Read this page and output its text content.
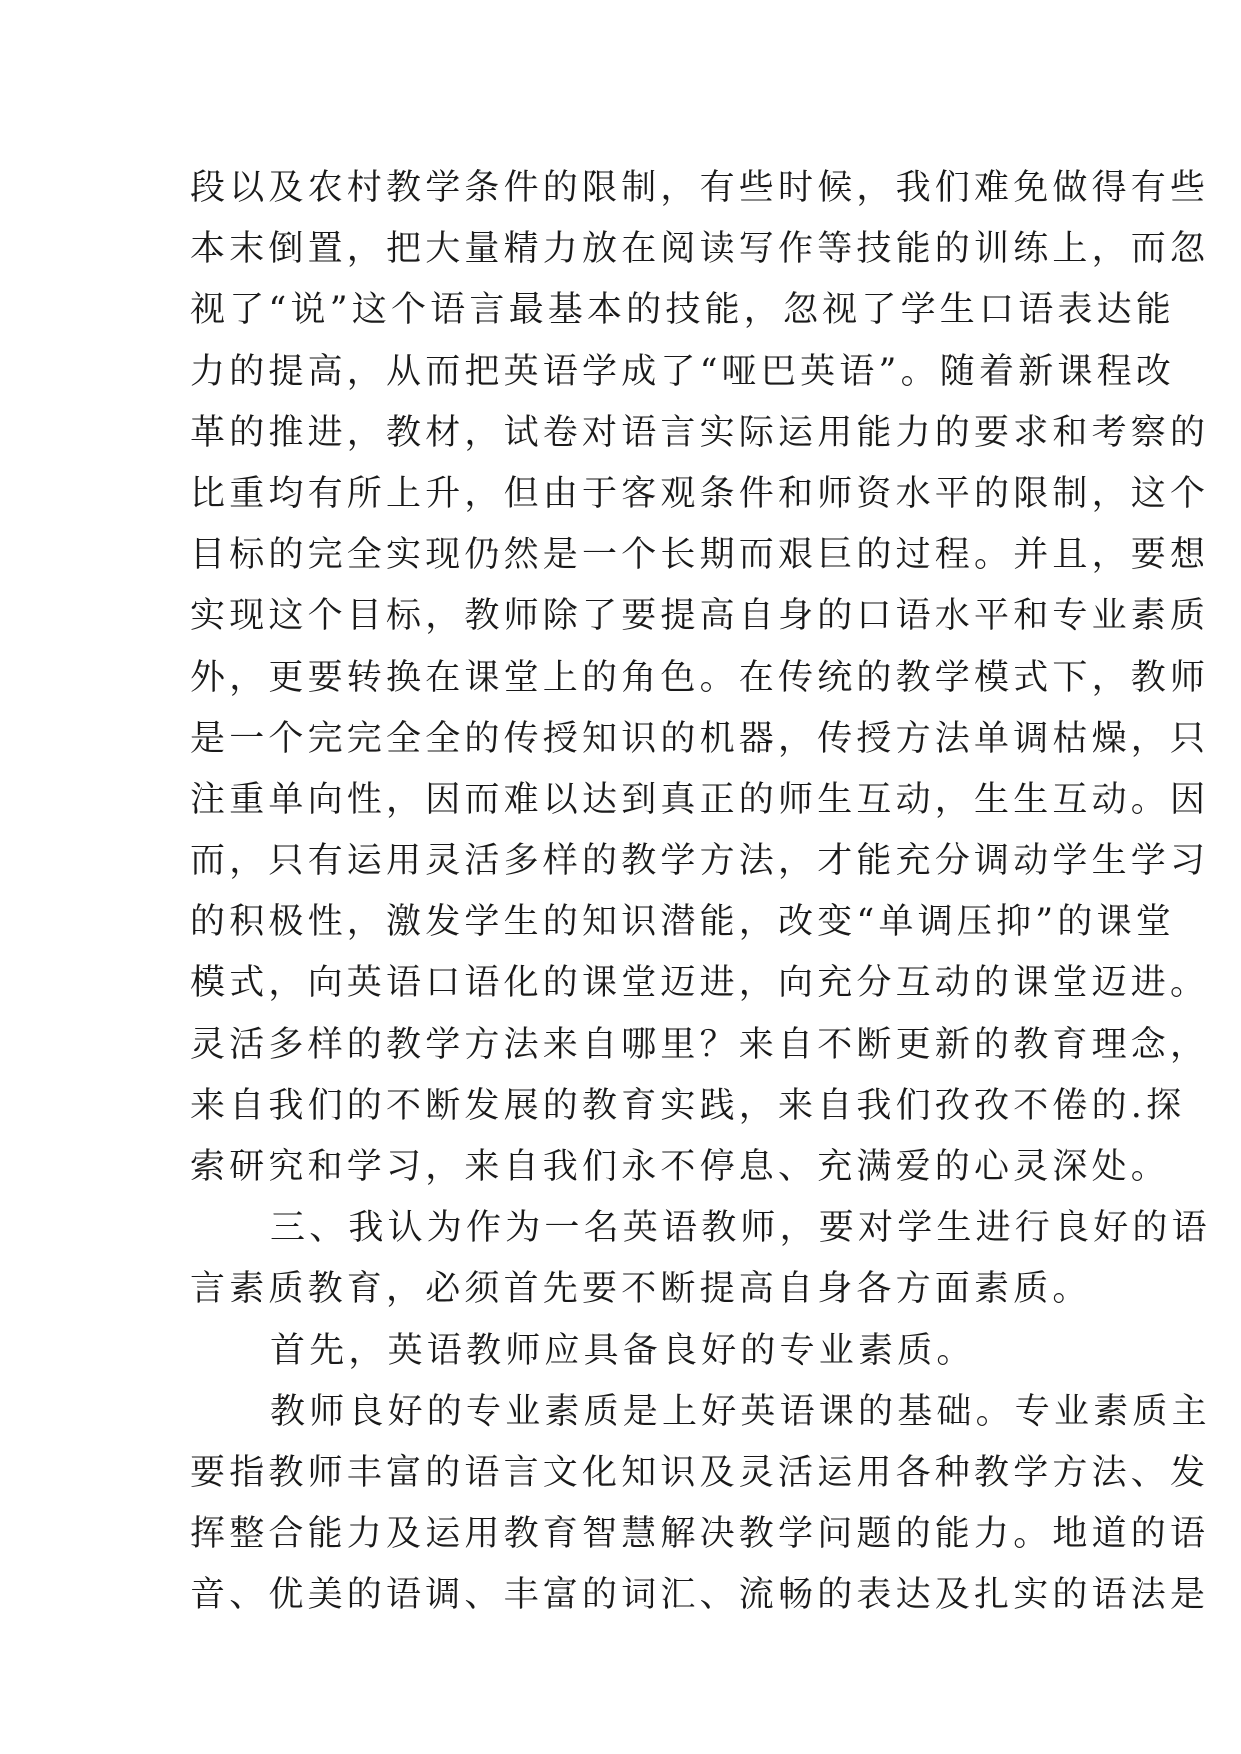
段以及农村教学条件的限制，有些时候，我们难免做得有些
本末倒置，把大量精力放在阅读写作等技能的训练上，而忽
视了“说”这个语言最基本的技能，忽视了学生口语表达能
力的提高，从而把英语学成了“哑巴英语”。随着新课程改
革的推进，教材，试卷对语言实际运用能力的要求和考察的
比重均有所上升，但由于客观条件和师资水平的限制，这个
目标的完全实现仍然是一个长期而艰巨的过程。并且，要想
实现这个目标，教师除了要提高自身的口语水平和专业素质
外，更要转换在课堂上的角色。在传统的教学模式下，教师
是一个完完全全的传授知识的机器，传授方法单调枯燥，只
注重单向性，因而难以达到真正的师生互动，生生互动。因
而，只有运用灵活多样的教学方法，才能充分调动学生学习
的积极性，激发学生的知识潜能，改变“单调压抑”的课堂
模式，向英语口语化的课堂迈进，向充分互动的课堂迈进。
灵活多样的教学方法来自哪里？来自不断更新的教育理念，
来自我们的不断发展的教育实践，来自我们孜孜不倦的.探
索研究和学习，来自我们永不停息、充满爱的心灵深处。
三、我认为作为一名英语教师，要对学生进行良好的语
言素质教育，必须首先要不断提高自身各方面素质。
首先，英语教师应具备良好的专业素质。
教师良好的专业素质是上好英语课的基础。专业素质主
要指教师丰富的语言文化知识及灵活运用各种教学方法、发
挥整合能力及运用教育智慧解决教学问题的能力。地道的语
音、优美的语调、丰富的词汇、流畅的表达及扎实的语法是
